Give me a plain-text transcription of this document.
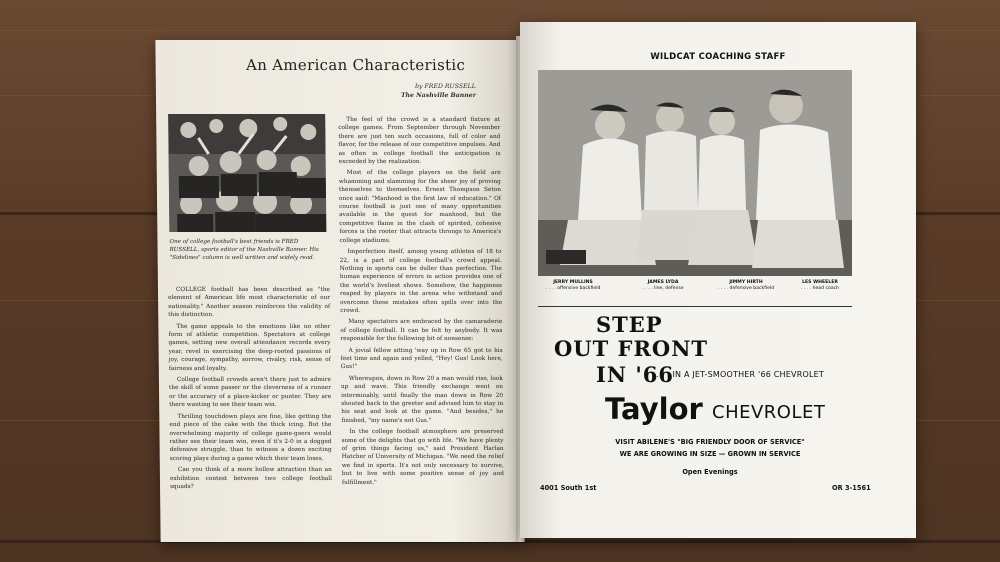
An American Characteristic
by FRED RUSSELL
The Nashville Banner
One of college football's best friends is FRED RUSSELL, sports editor of the Nashville Banner. His "Sidelines" column is well written and widely read.

COLLEGE football has been described as "the element of American life most characteristic of our nationality." Another season reinforces the validity of this distinction.

The game appeals to the emotions like no other form of athletic competition. Spectators at college games, setting new overall attendance records every year, revel in exercising the deep-rooted passions of joy, courage, sympathy, sorrow, rivalry, risk, sense of fairness and loyalty.

College football crowds aren't there just to admire the skill of some passer or the cleverness of a runner or the accuracy of a place-kicker or punter. They are there wanting to see their team win.

Thrilling touchdown plays are fine, like getting the end piece of the cake with the thick icing. But the overwhelming majority of college game-goers would rather see their team win, even if it's 2-0 in a dogged defensive struggle, than to witness a dozen exciting scoring plays during a game which their team loses.

Can you think of a more hollow attraction than an exhibition contest between two college football squads?

The feel of the crowd is a standard fixture at college games. From September through November there are just ten such occasions, full of color and flavor, for the release of our competitive impulses. And as often in college football the anticipation is exceeded by the realization.

Most of the college players on the field are whamming and slamming for the sheer joy of proving themselves to themselves. Ernest Thompson Seton once said: "Manhood is the first law of education." Of course football is just one of many opportunities available in the quest for manhood, but the competitive flame in the clash of spirited, cohesive forces is the rooter that attracts throngs to America's college stadiums.

Imperfection itself, among young athletes of 18 to 22, is a part of college football's crowd appeal. Nothing in sports can be duller than perfection. The human experience of errors in action provides one of the world's liveliest shows. Somehow, the happiness reaped by players in the arena who withstand and overcome these mistakes often spills over into the crowd.

Many spectators are embraced by the camaraderie of college football. It can be felt by anybody. It was responsible for the following bit of nonsense:

A jovial fellow sitting 'way up in Row 65 got to his feet time and again and yelled, "Hey! Gus! Look here, Gus!"

Whereupon, down in Row 20 a man would rise, look up and wave. This friendly exchange went on interminably, until finally the man down in Row 20 shouted back to the greeter and advised him to stay in his seat and look at the game. "And besides," he finished, "my name's not Gus."

In the college football atmosphere are preserved some of the delights that go with life. "We have plenty of grim things facing us," said President Harlan Hatcher of University of Michigan. "We need the relief we find in sports. It's not only necessary to survive, but to live with some positive sense of joy and fulfillment."

WILDCAT COACHING STAFF
JERRY MULLINS
. . . . offensive backfield
JAMES LYDA
. . . . line, defense
JIMMY HIRTH
. . . . defensive backfield
LES WHEELER
. . . . head coach
STEP
OUT FRONT
IN '66
. . . IN A JET-SMOOTHER '66 CHEVROLET
Taylor CHEVROLET
VISIT ABILENE'S "BIG FRIENDLY DOOR OF SERVICE"
WE ARE GROWING IN SIZE — GROWN IN SERVICE
Open Evenings
4001 South 1st	OR 3-1561
